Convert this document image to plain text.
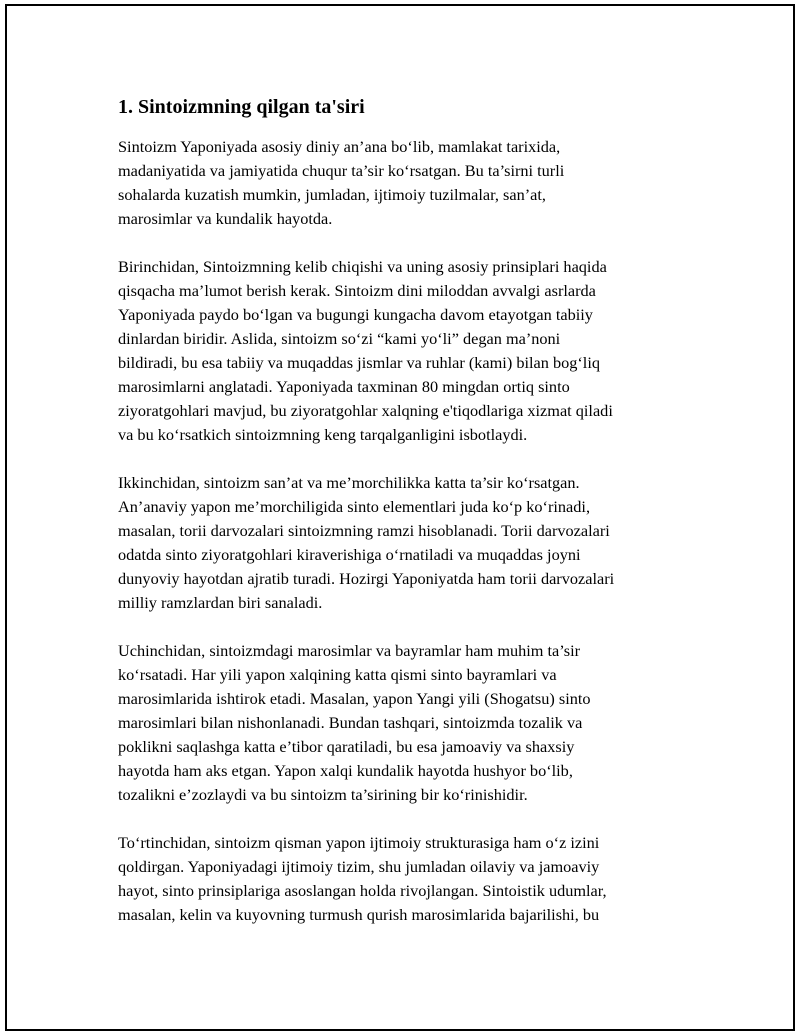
1. Sintoizmning qilgan ta'siri

Sintoizm Yaponiyada asosiy diniy an’ana bo‘lib, mamlakat tarixida,
madaniyatida va jamiyatida chuqur ta’sir ko‘rsatgan. Bu ta’sirni turli
sohalarda kuzatish mumkin, jumladan, ijtimoiy tuzilmalar, san’at,
marosimlar va kundalik hayotda.

Birinchidan, Sintoizmning kelib chiqishi va uning asosiy prinsiplari haqida
qisqacha ma’lumot berish kerak. Sintoizm dini miloddan avvalgi asrlarda
Yaponiyada paydo bo‘lgan va bugungi kungacha davom etayotgan tabiiy
dinlardan biridir. Aslida, sintoizm so‘zi “kami yo‘li” degan ma’noni
bildiradi, bu esa tabiiy va muqaddas jismlar va ruhlar (kami) bilan bog‘liq
marosimlarni anglatadi. Yaponiyada taxminan 80 mingdan ortiq sinto
ziyoratgohlari mavjud, bu ziyoratgohlar xalqning e'tiqodlariga xizmat qiladi
va bu ko‘rsatkich sintoizmning keng tarqalganligini isbotlaydi.

Ikkinchidan, sintoizm san’at va me’morchilikka katta ta’sir ko‘rsatgan.
An’anaviy yapon me’morchiligida sinto elementlari juda ko‘p ko‘rinadi,
masalan, torii darvozalari sintoizmning ramzi hisoblanadi. Torii darvozalari
odatda sinto ziyoratgohlari kiraverishiga o‘rnatiladi va muqaddas joyni
dunyoviy hayotdan ajratib turadi. Hozirgi Yaponiyatda ham torii darvozalari
milliy ramzlardan biri sanaladi.

Uchinchidan, sintoizmdagi marosimlar va bayramlar ham muhim ta’sir
ko‘rsatadi. Har yili yapon xalqining katta qismi sinto bayramlari va
marosimlarida ishtirok etadi. Masalan, yapon Yangi yili (Shogatsu) sinto
marosimlari bilan nishonlanadi. Bundan tashqari, sintoizmda tozalik va
poklikni saqlashga katta e’tibor qaratiladi, bu esa jamoaviy va shaxsiy
hayotda ham aks etgan. Yapon xalqi kundalik hayotda hushyor bo‘lib,
tozalikni e’zozlaydi va bu sintoizm ta’sirining bir ko‘rinishidir.

To‘rtinchidan, sintoizm qisman yapon ijtimoiy strukturasiga ham o‘z izini
qoldirgan. Yaponiyadagi ijtimoiy tizim, shu jumladan oilaviy va jamoaviy
hayot, sinto prinsiplariga asoslangan holda rivojlangan. Sintoistik udumlar,
masalan, kelin va kuyovning turmush qurish marosimlarida bajarilishi, bu
